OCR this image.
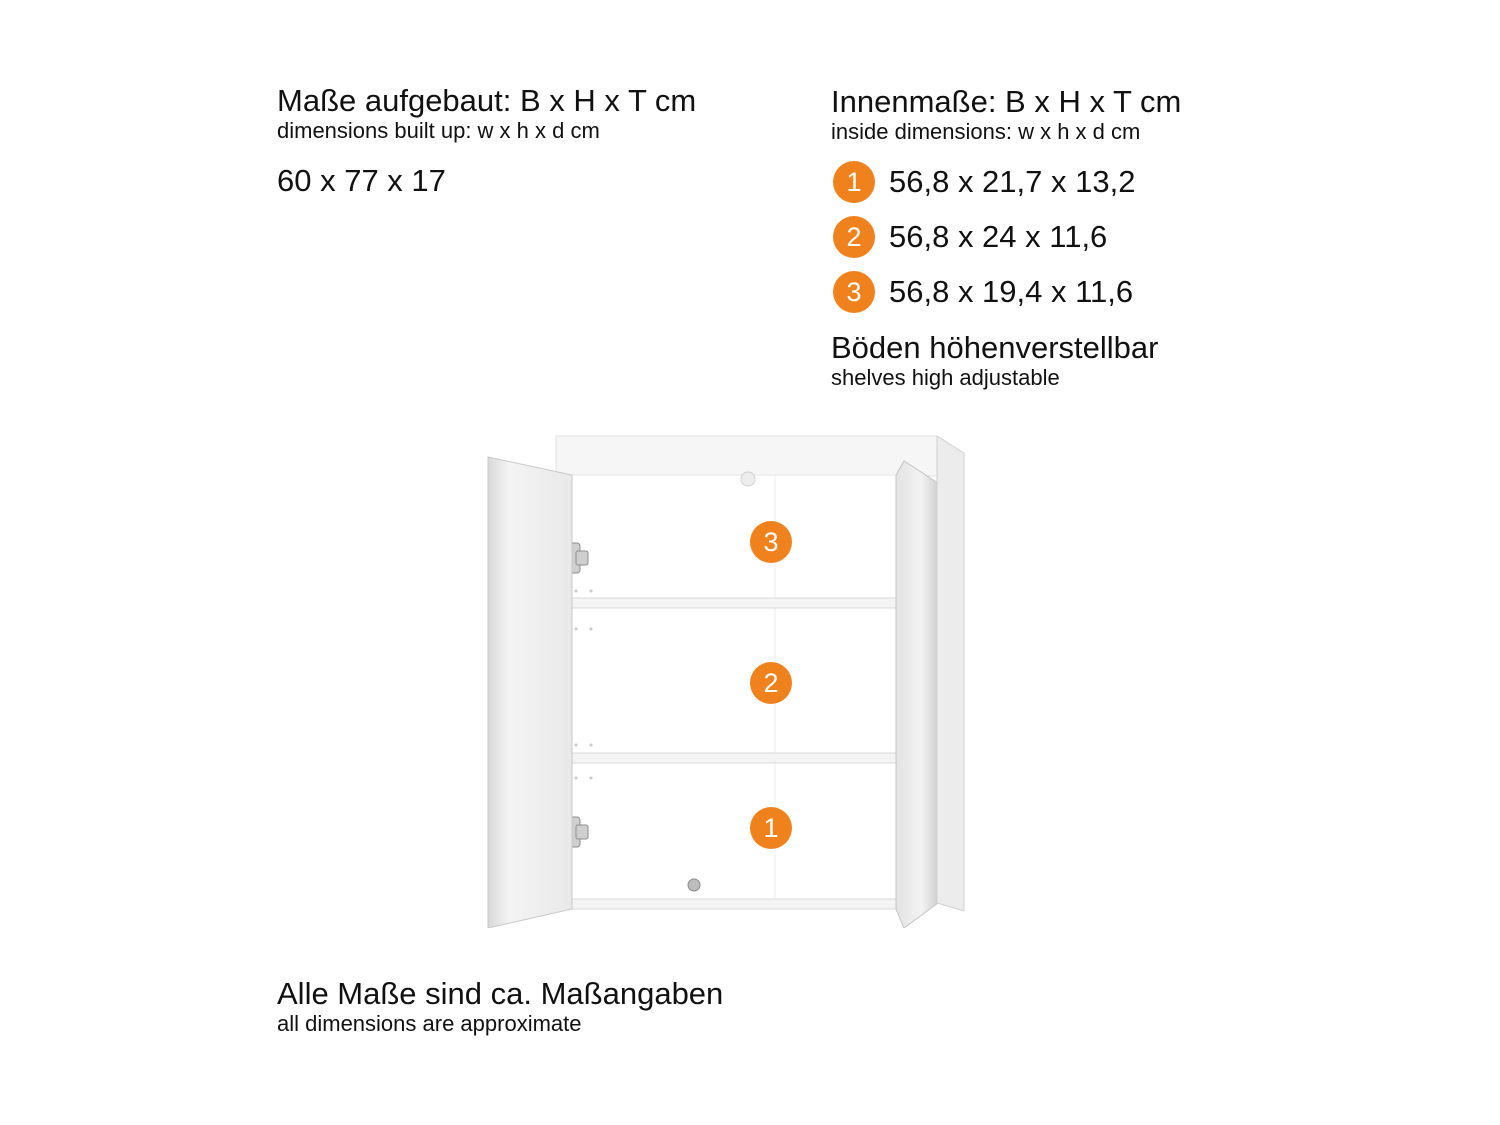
Maße aufgebaut: B x H x T cm
dimensions built up: w x h x d cm
60 x 77 x 17
Innenmaße: B x H x T cm
inside dimensions: w x h x d cm
1 56,8 x 21,7 x 13,2
2 56,8 x 24 x 11,6
3 56,8 x 19,4 x 11,6
Böden höhenverstellbar
shelves high adjustable
3
2
1
Alle Maße sind ca. Maßangaben
all dimensions are approximate
